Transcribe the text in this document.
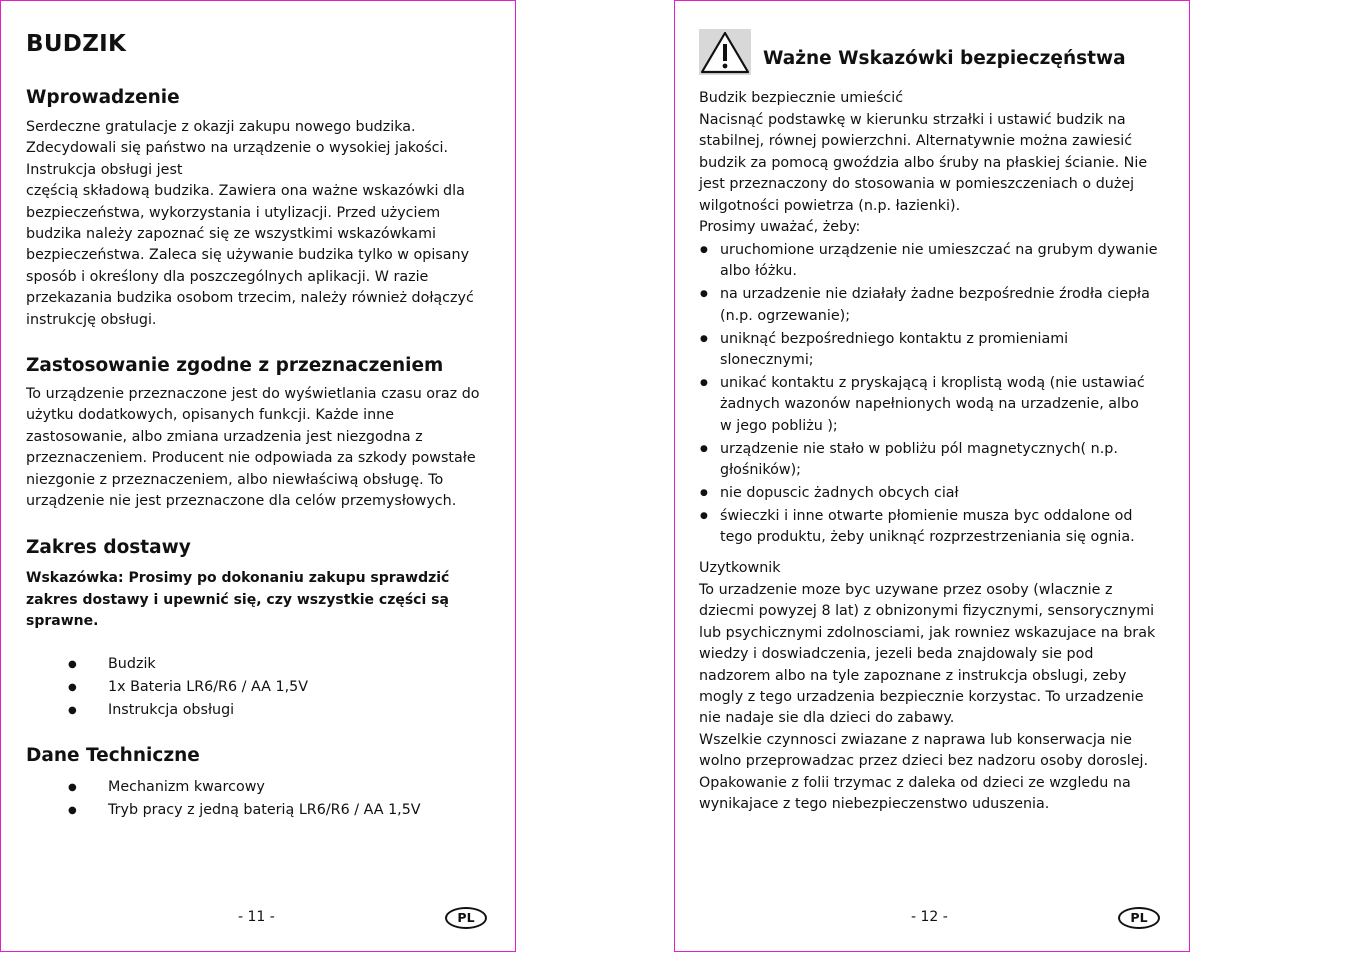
BUDZIK
Wprowadzenie
Serdeczne gratulacje z okazji zakupu nowego budzika.
Zdecydowali się państwo na urządzenie o wysokiej jakości.
Instrukcja obsługi jest
częścią składową budzika. Zawiera ona ważne wskazówki dla
bezpieczeństwa, wykorzystania i utylizacji. Przed użyciem
budzika należy zapoznać się ze wszystkimi wskazówkami
bezpieczeństwa. Zaleca się używanie budzika tylko w opisany
sposób i określony dla poszczególnych aplikacji. W razie
przekazania budzika osobom trzecim, należy również dołączyć
instrukcję obsługi.
Zastosowanie zgodne z przeznaczeniem
To urządzenie przeznaczone jest do wyświetlania czasu oraz do
użytku dodatkowych, opisanych funkcji. Każde inne
zastosowanie, albo zmiana urzadzenia jest niezgodna z
przeznaczeniem. Producent nie odpowiada za szkody powstałe
niezgonie z przeznaczeniem, albo niewłaściwą obsługę. To
urządzenie nie jest przeznaczone dla celów przemysłowych.
Zakres dostawy
Wskazówka: Prosimy po dokonaniu zakupu sprawdzić
zakres dostawy i upewnić się, czy wszystkie części są
sprawne.
● Budzik
● 1x Bateria LR6/R6 / AA 1,5V
● Instrukcja obsługi
Dane Techniczne
● Mechanizm kwarcowy
● Tryb pracy z jedną baterią LR6/R6 / AA 1,5V
- 11 -	PL
Ważne Wskazówki bezpieczęństwa
Budzik bezpiecznie umieścić
Nacisnąć podstawkę w kierunku strzałki i ustawić budzik na
stabilnej, równej powierzchni. Alternatywnie można zawiesić
budzik za pomocą gwoździa albo śruby na płaskiej ścianie. Nie
jest przeznaczony do stosowania w pomieszczeniach o dużej
wilgotności powietrza (n.p. łazienki).
Prosimy uważać, żeby:
● uruchomione urządzenie nie umieszczać na grubym dywanie
albo łóżku.
● na urzadzenie nie działały żadne bezpośrednie źrodła ciepła
(n.p. ogrzewanie);
● uniknąć bezpośredniego kontaktu z promieniami slonecznymi;
● unikać kontaktu z pryskającą i kroplistą wodą (nie ustawiać
żadnych wazonów napełnionych wodą na urzadzenie, albo
w jego pobliżu );
● urządzenie nie stało w pobliżu pól magnetycznych( n.p.
głośników);
● nie dopuscic żadnych obcych ciał
● świeczki i inne otwarte płomienie musza byc oddalone od
tego produktu, żeby uniknąć rozprzestrzeniania się ognia.
Uzytkownik
To urzadzenie moze byc uzywane przez osoby (wlacznie z
dziecmi powyzej 8 lat) z obnizonymi fizycznymi, sensorycznymi
lub psychicznymi zdolnosciami, jak rowniez wskazujace na brak
wiedzy i doswiadczenia, jezeli beda znajdowaly sie pod
nadzorem albo na tyle zapoznane z instrukcja obslugi, zeby
mogly z tego urzadzenia bezpiecznie korzystac. To urzadzenie
nie nadaje sie dla dzieci do zabawy.
Wszelkie czynnosci zwiazane z naprawa lub konserwacja nie
wolno przeprowadzac przez dzieci bez nadzoru osoby doroslej.
Opakowanie z folii trzymac z daleka od dzieci ze wzgledu na
wynikajace z tego niebezpieczenstwo uduszenia.
- 12 -	PL
